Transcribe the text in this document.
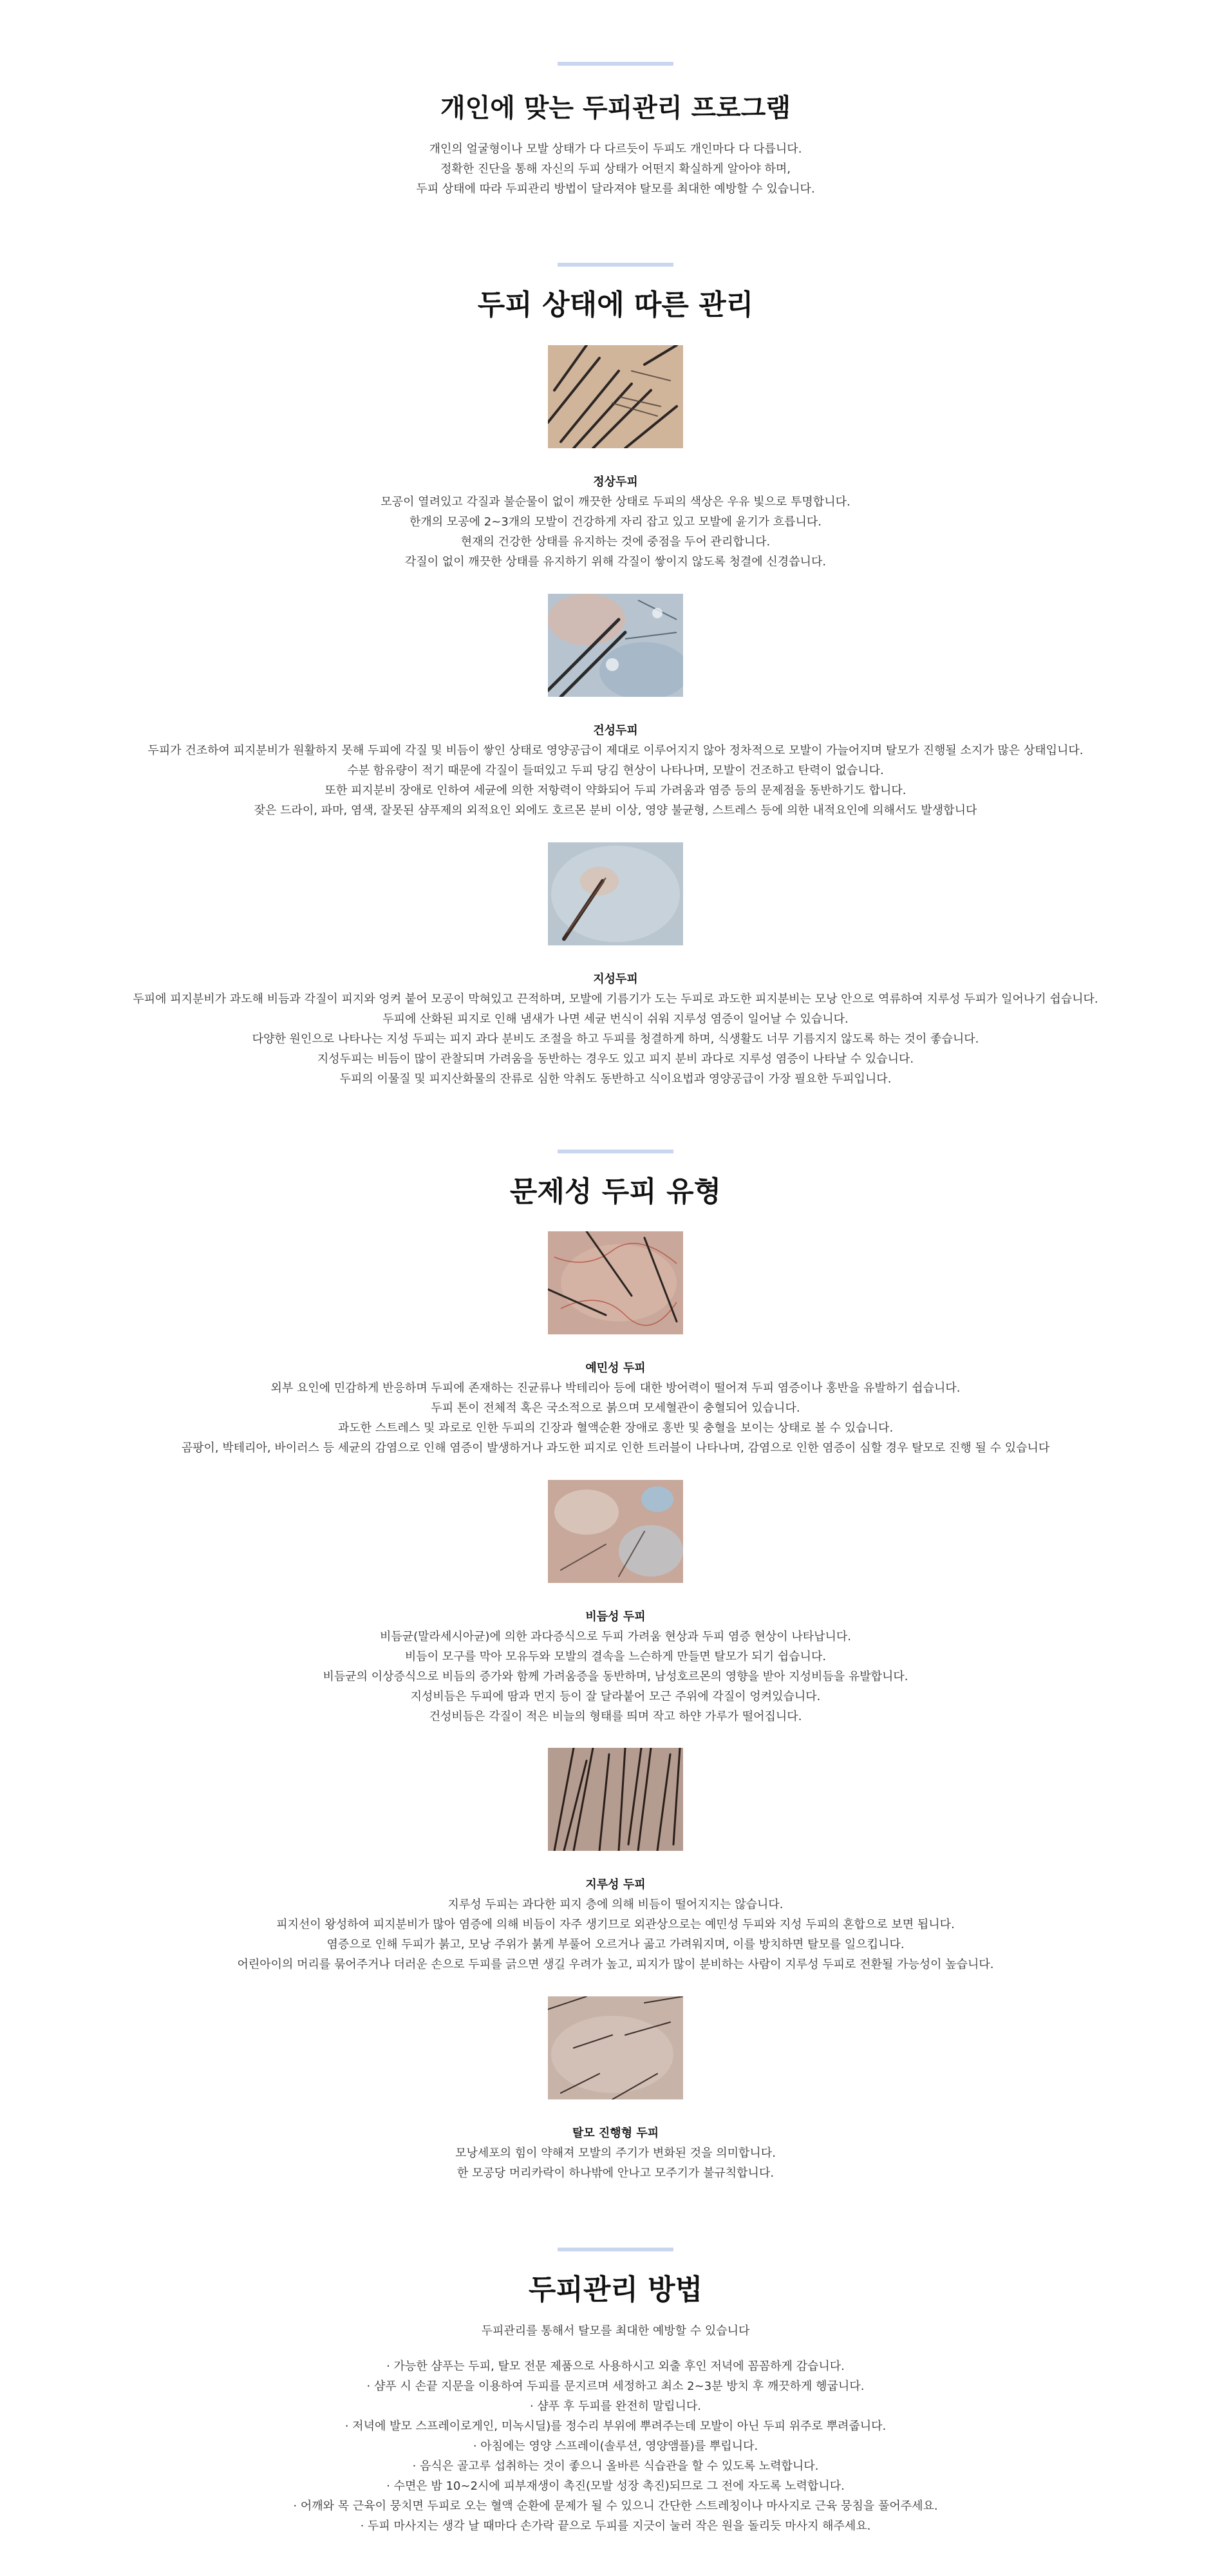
개인에 맞는 두피관리 프로그램

개인의 얼굴형이나 모발 상태가 다 다르듯이 두피도 개인마다 다 다릅니다.

정확한 진단을 통해 자신의 두피 상태가 어떤지 확실하게 알아야 하며,

두피 상태에 따라 두피관리 방법이 달라져야 탈모를 최대한 예방할 수 있습니다.

두피 상태에 따른 관리

정상두피

모공이 열려있고 각질과 불순물이 없이 깨끗한 상태로 두피의 색상은 우유 빛으로 투명합니다.

한개의 모공에 2~3개의 모발이 건강하게 자리 잡고 있고 모발에 윤기가 흐릅니다.

현재의 건강한 상태를 유지하는 것에 중점을 두어 관리합니다.

각질이 없이 깨끗한 상태를 유지하기 위해 각질이 쌓이지 않도록 청결에 신경씁니다.

건성두피

두피가 건조하여 피지분비가 원활하지 못해 두피에 각질 및 비듬이 쌓인 상태로 영양공급이 제대로 이루어지지 않아 정차적으로 모발이 가늘어지며 탈모가 진행될 소지가 많은 상태입니다.

수분 함유량이 적기 때문에 각질이 들떠있고 두피 당김 현상이 나타나며, 모발이 건조하고 탄력이 없습니다.

또한 피지분비 장애로 인하여 세균에 의한 저항력이 약화되어 두피 가려움과 염증 등의 문제점을 동반하기도 합니다.

잦은 드라이, 파마, 염색, 잘못된 샴푸제의 외적요인 외에도 호르몬 분비 이상, 영양 불균형, 스트레스 등에 의한 내적요인에 의해서도 발생합니다

지성두피

두피에 피지분비가 과도해 비듬과 각질이 피지와 엉켜 붙어 모공이 막혀있고 끈적하며, 모발에 기름기가 도는 두피로 과도한 피지분비는 모낭 안으로 역류하여 지루성 두피가 일어나기 쉽습니다.

두피에 산화된 피지로 인해 냄새가 나면 세균 번식이 쉬워 지루성 염증이 일어날 수 있습니다.

다양한 원인으로 나타나는 지성 두피는 피지 과다 분비도 조절을 하고 두피를 청결하게 하며, 식생활도 너무 기름지지 않도록 하는 것이 좋습니다.

지성두피는 비듬이 많이 관찰되며 가려움을 동반하는 경우도 있고 피지 분비 과다로 지루성 염증이 나타날 수 있습니다.

두피의 이물질 및 피지산화물의 잔류로 심한 악취도 동반하고 식이요법과 영양공급이 가장 필요한 두피입니다.

문제성 두피 유형

예민성 두피

외부 요인에 민감하게 반응하며 두피에 존재하는 진균류나 박테리아 등에 대한 방어력이 떨어져 두피 염증이나 홍반을 유발하기 쉽습니다.

두피 톤이 전체적 혹은 국소적으로 붉으며 모세혈관이 충혈되어 있습니다.

과도한 스트레스 및 과로로 인한 두피의 긴장과 혈액순환 장애로 홍반 및 충혈을 보이는 상태로 볼 수 있습니다.

곰팡이, 박테리아, 바이러스 등 세균의 감염으로 인해 염증이 발생하거나 과도한 피지로 인한 트러블이 나타나며, 감염으로 인한 염증이 심할 경우 탈모로 진행 될 수 있습니다

비듬성 두피

비듬균(말라세시아균)에 의한 과다증식으로 두피 가려움 현상과 두피 염증 현상이 나타납니다.

비듬이 모구를 막아 모유두와 모발의 결속을 느슨하게 만들면 탈모가 되기 쉽습니다.

비듬균의 이상증식으로 비듬의 증가와 함께 가려움증을 동반하며, 남성호르몬의 영향을 받아 지성비듬을 유발합니다.

지성비듬은 두피에 땀과 먼지 등이 잘 달라붙어 모근 주위에 각질이 엉켜있습니다.

건성비듬은 각질이 적은 비늘의 형태를 띄며 작고 하얀 가루가 떨어집니다.

지루성 두피

지루성 두피는 과다한 피지 층에 의해 비듬이 떨어지지는 않습니다.

피지선이 왕성하여 피지분비가 많아 염증에 의해 비듬이 자주 생기므로 외관상으로는 예민성 두피와 지성 두피의 혼합으로 보면 됩니다.

염증으로 인해 두피가 붉고, 모낭 주위가 붉게 부풀어 오르거나 곪고 가려워지며, 이를 방치하면 탈모를 일으킵니다.

어린아이의 머리를 묶어주거나 더러운 손으로 두피를 긁으면 생길 우려가 높고, 피지가 많이 분비하는 사람이 지루성 두피로 전환될 가능성이 높습니다.

탈모 진행형 두피

모낭세포의 힘이 약해져 모발의 주기가 변화된 것을 의미합니다.

한 모공당 머리카락이 하나밖에 안나고 모주기가 불규칙합니다.

두피관리 방법

두피관리를 통해서 탈모를 최대한 예방할 수 있습니다

· 가능한 샴푸는 두피, 탈모 전문 제품으로 사용하시고 외출 후인 저녁에 꼼꼼하게 감습니다.

· 샴푸 시 손끝 지문을 이용하여 두피를 문지르며 세정하고 최소 2~3분 방치 후 깨끗하게 헹굽니다.

· 샴푸 후 두피를 완전히 말립니다.

· 저녁에 발모 스프레이로게인, 미녹시딜)를 정수리 부위에 뿌려주는데 모발이 아닌 두피 위주로 뿌려줍니다.

· 아침에는 영양 스프레이(솔루션, 영양앰플)를 뿌립니다.

· 음식은 골고루 섭취하는 것이 좋으니 올바른 식습관을 할 수 있도록 노력합니다.

· 수면은 밤 10~2시에 피부재생이 촉진(모발 성장 촉진)되므로 그 전에 자도록 노력합니다.

· 어깨와 목 근육이 뭉치면 두피로 오는 혈액 순환에 문제가 될 수 있으니 간단한 스트레칭이나 마사지로 근육 뭉침을 풀어주세요.

· 두피 마사지는 생각 날 때마다 손가락 끝으로 두피를 지긋이 눌러 작은 원을 돌리듯 마사지 해주세요.
